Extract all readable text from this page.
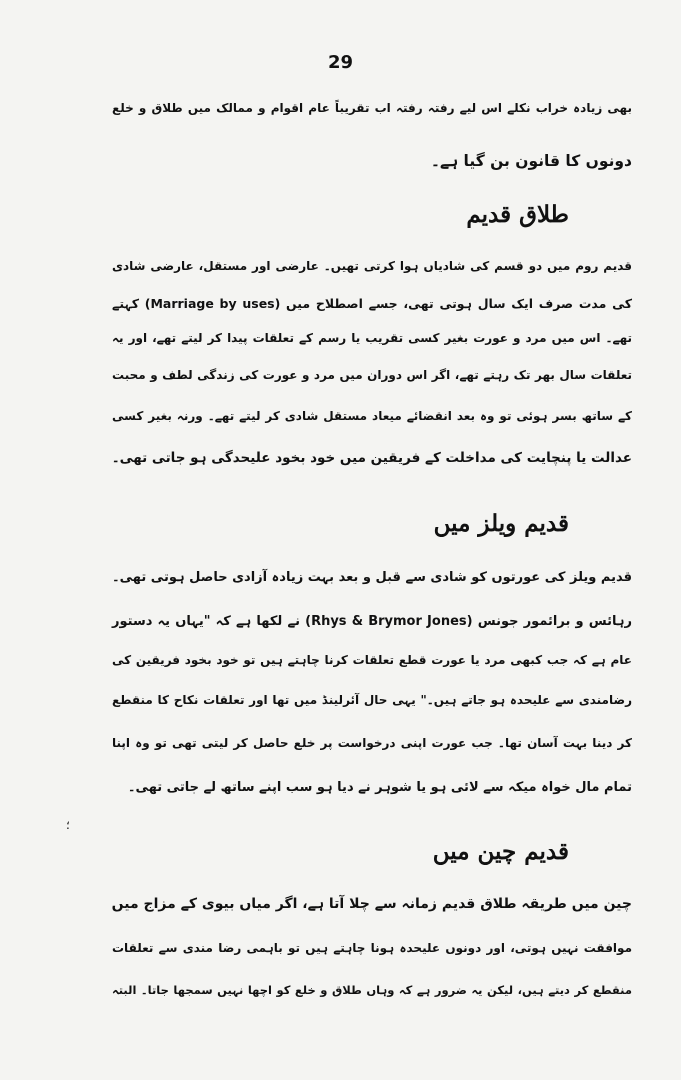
29
بھی زیادہ خراب نکلے اس لیے رفتہ رفتہ اب تقریباً عام اقوام و ممالک میں طلاق و خلع
دونوں کا قانون بن گیا ہے۔
طلاق قدیم
قدیم روم میں دو قسم کی شادیاں ہوا کرتی تھیں۔ عارضی اور مستقل، عارضی شادی
کی مدت صرف ایک سال ہوتی تھی، جسے اصطلاح میں (Marriage by uses) کہتے
تھے۔ اس میں مرد و عورت بغیر کسی تقریب یا رسم کے تعلقات پیدا کر لیتے تھے، اور یہ
تعلقات سال بھر تک رہتے تھے، اگر اس دوران میں مرد و عورت کی زندگی لطف و محبت
کے ساتھ بسر ہوئی تو وہ بعد انقضائے میعاد مستقل شادی کر لیتے تھے۔ ورنہ بغیر کسی
عدالت یا پنچایت کی مداخلت کے فریقین میں خود بخود علیحدگی ہو جاتی تھی۔
قدیم ویلز میں
قدیم ویلز کی عورتوں کو شادی سے قبل و بعد بہت زیادہ آزادی حاصل ہوتی تھی۔
رہائس و برائمور جونس (Rhys & Brymor Jones) نے لکھا ہے کہ "یہاں یہ دستور
عام ہے کہ جب کبھی مرد یا عورت قطع تعلقات کرنا چاہتے ہیں تو خود بخود فریقین کی
رضامندی سے علیحدہ ہو جاتے ہیں۔" یہی حال آئرلینڈ میں تھا اور تعلقات نکاح کا منقطع
کر دینا بہت آسان تھا۔ جب عورت اپنی درخواست پر خلع حاصل کر لیتی تھی تو وہ اپنا
تمام مال خواہ میکہ سے لائی ہو یا شوہر نے دیا ہو سب اپنے ساتھ لے جاتی تھی۔
؛
قدیم چین میں
چین میں طریقہ طلاق قدیم زمانہ سے چلا آتا ہے، اگر میاں بیوی کے مزاج میں
موافقت نہیں ہوتی، اور دونوں علیحدہ ہونا چاہتے ہیں تو باہمی رضا مندی سے تعلقات
منقطع کر دیتے ہیں، لیکن یہ ضرور ہے کہ وہاں طلاق و خلع کو اچھا نہیں سمجھا جاتا۔ البتہ
